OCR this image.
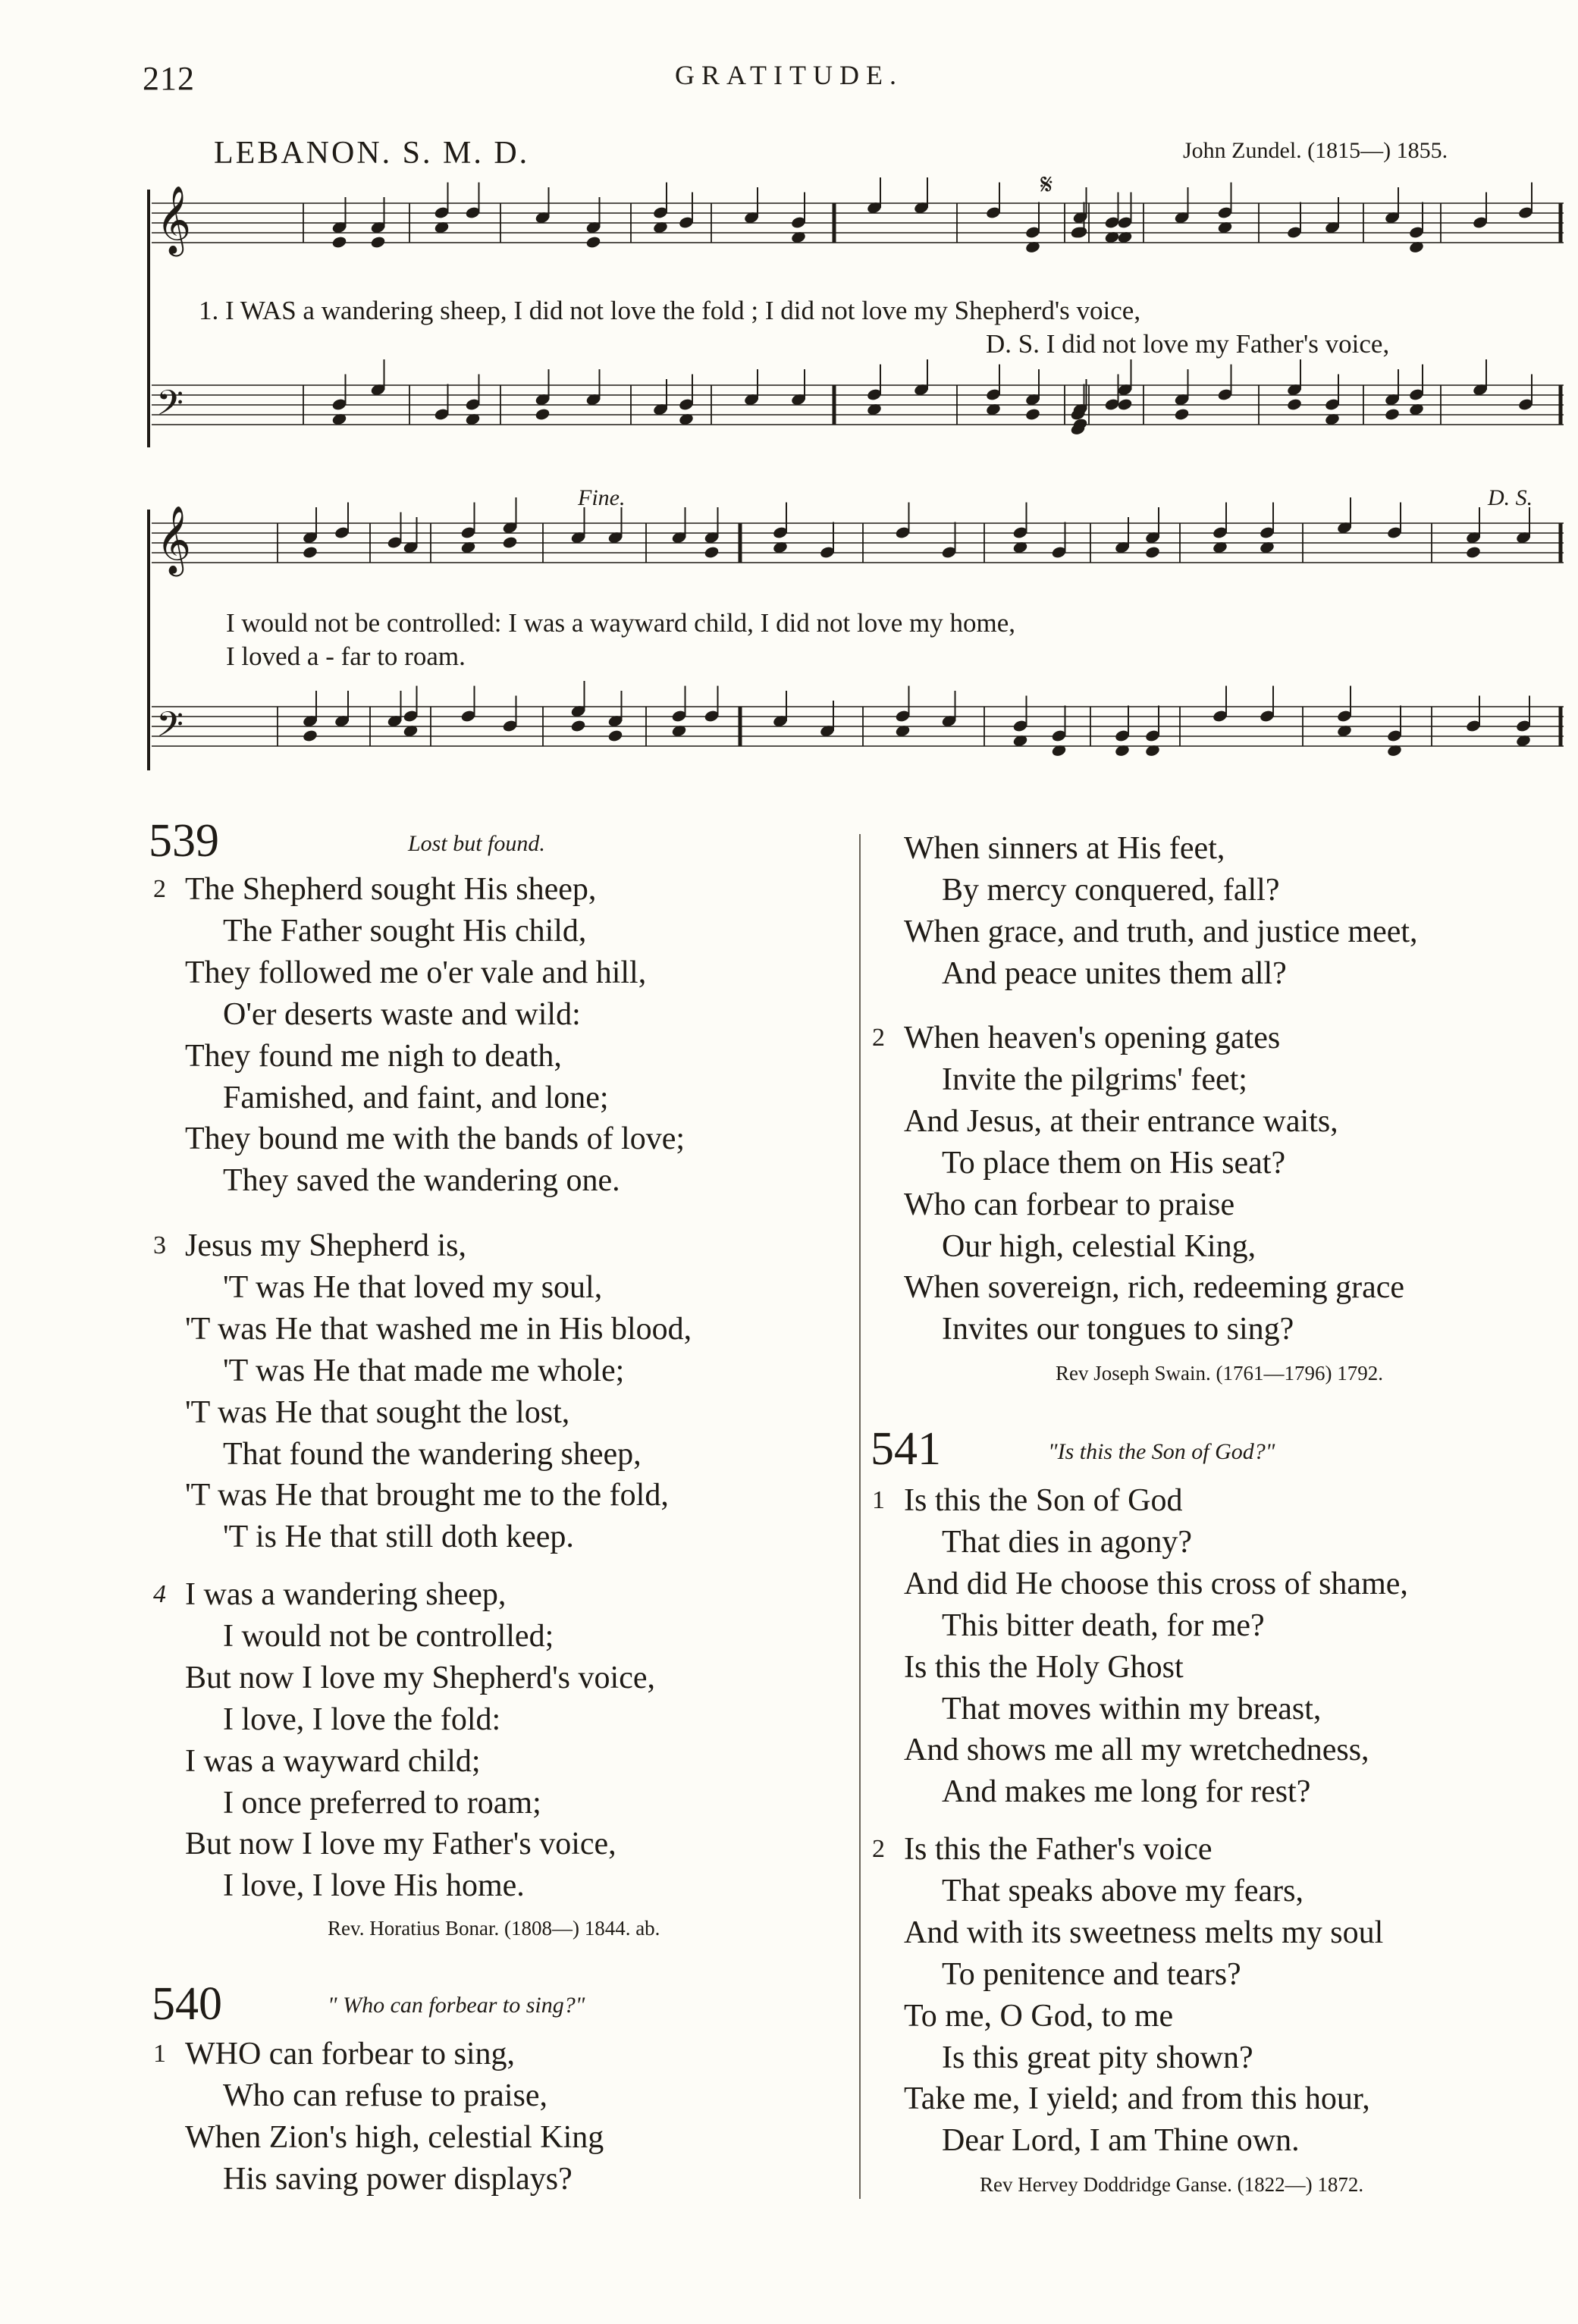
212	GRATITUDE.
LEBANON. S. M. D.	John Zundel. (1815—) 1855.
𝄞
𝄢
𝄞
𝄢
𝄋
Fine.	D. S.
1. I WAS a wandering sheep, I did not love the fold ; I did not love my Shepherd's voice,
D. S. I did not love my Father's voice,
I would not be controlled: I was a wayward child, I did not love my home,
I loved a - far to roam.
539	Lost but found.
2 The Shepherd sought His sheep,
The Father sought His child,
They followed me o'er vale and hill,
O'er deserts waste and wild:
They found me nigh to death,
Famished, and faint, and lone;
They bound me with the bands of love;
They saved the wandering one.
3 Jesus my Shepherd is,
'T was He that loved my soul,
'T was He that washed me in His blood,
'T was He that made me whole;
'T was He that sought the lost,
That found the wandering sheep,
'T was He that brought me to the fold,
'T is He that still doth keep.
4 I was a wandering sheep,
I would not be controlled;
But now I love my Shepherd's voice,
I love, I love the fold:
I was a wayward child;
I once preferred to roam;
But now I love my Father's voice,
I love, I love His home.
Rev. Horatius Bonar. (1808—) 1844. ab.
540	" Who can forbear to sing?"
1 WHO can forbear to sing,
Who can refuse to praise,
When Zion's high, celestial King
His saving power displays?
When sinners at His feet,
By mercy conquered, fall?
When grace, and truth, and justice meet,
And peace unites them all?
2 When heaven's opening gates
Invite the pilgrims' feet;
And Jesus, at their entrance waits,
To place them on His seat?
Who can forbear to praise
Our high, celestial King,
When sovereign, rich, redeeming grace
Invites our tongues to sing?
Rev Joseph Swain. (1761—1796) 1792.
541	"Is this the Son of God?"
1 Is this the Son of God
That dies in agony?
And did He choose this cross of shame,
This bitter death, for me?
Is this the Holy Ghost
That moves within my breast,
And shows me all my wretchedness,
And makes me long for rest?
2 Is this the Father's voice
That speaks above my fears,
And with its sweetness melts my soul
To penitence and tears?
To me, O God, to me
Is this great pity shown?
Take me, I yield; and from this hour,
Dear Lord, I am Thine own.
Rev Hervey Doddridge Ganse. (1822—) 1872.
